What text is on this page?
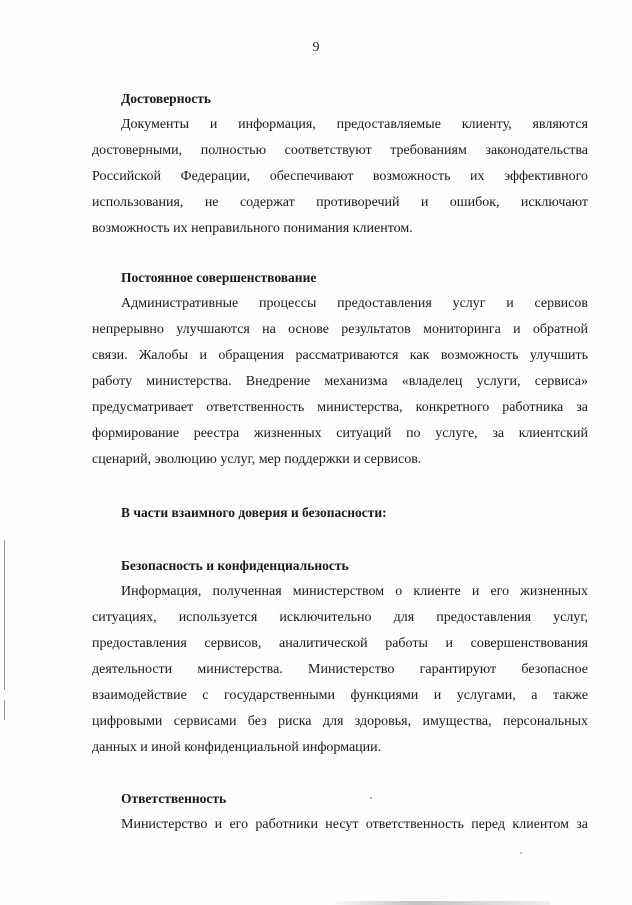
9
Достоверность
Документы и информация, предоставляемые клиенту, являются
достоверными, полностью соответствуют требованиям законодательства
Российской Федерации, обеспечивают возможность их эффективного
использования, не содержат противоречий и ошибок, исключают
возможность их неправильного понимания клиентом.
Постоянное совершенствование
Административные процессы предоставления услуг и сервисов
непрерывно улучшаются на основе результатов мониторинга и обратной
связи. Жалобы и обращения рассматриваются как возможность улучшить
работу министерства. Внедрение механизма «владелец услуги, сервиса»
предусматривает ответственность министерства, конкретного работника за
формирование реестра жизненных ситуаций по услуге, за клиентский
сценарий, эволюцию услуг, мер поддержки и сервисов.
В части взаимного доверия и безопасности:
Безопасность и конфиденциальность
Информация, полученная министерством о клиенте и его жизненных
ситуациях, используется исключительно для предоставления услуг,
предоставления сервисов, аналитической работы и совершенствования
деятельности министерства. Министерство гарантируют безопасное
взаимодействие с государственными функциями и услугами, а также
цифровыми сервисами без риска для здоровья, имущества, персональных
данных и иной конфиденциальной информации.
Ответственность
Министерство и его работники несут ответственность перед клиентом за
